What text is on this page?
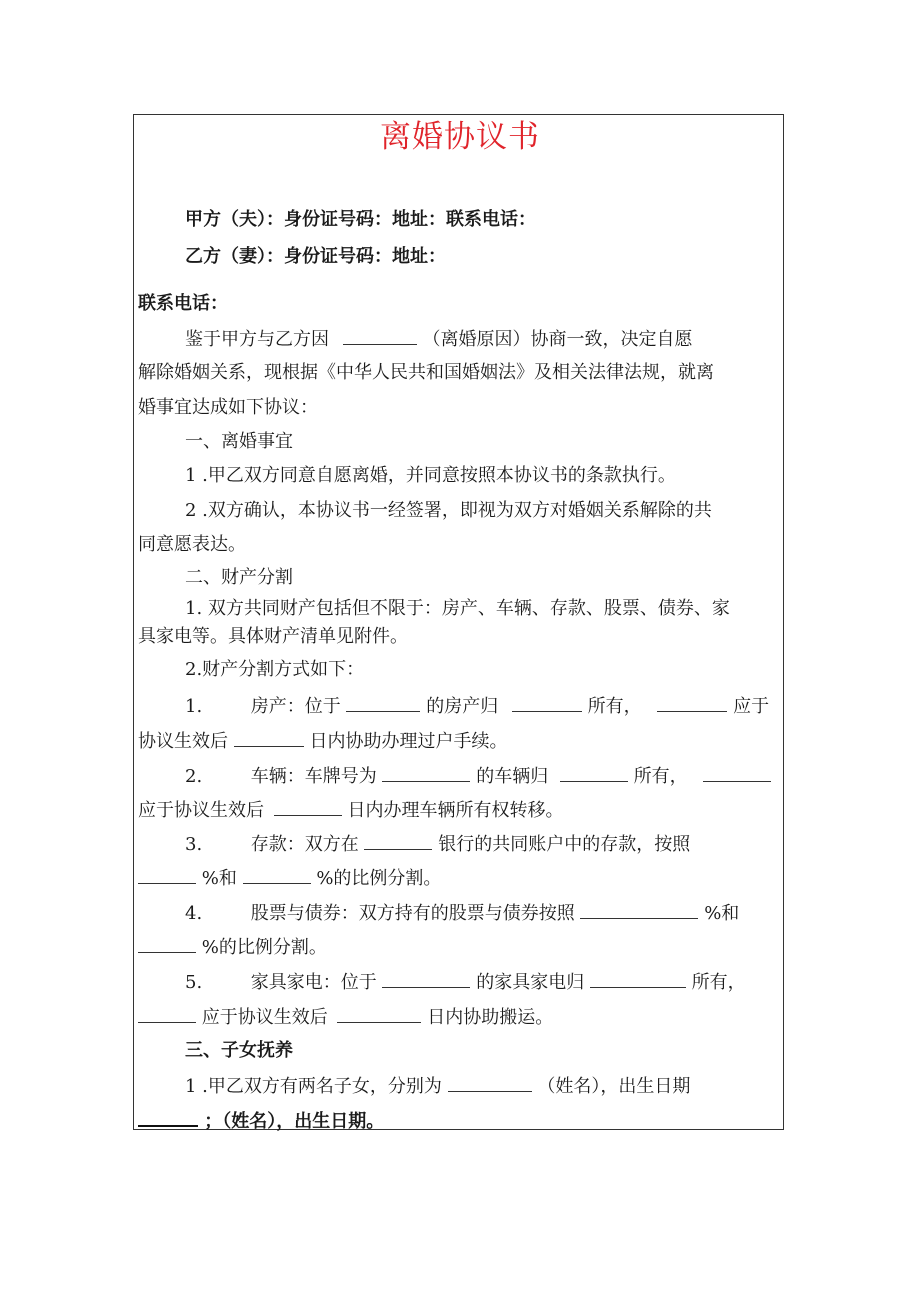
离婚协议书
甲方（夫）：身份证号码：地址：联系电话：
乙方（妻）：身份证号码：地址：
联系电话：
鉴于甲方与乙方因	（离婚原因）协商一致，决定自愿
解除婚姻关系，现根据《中华人民共和国婚姻法》及相关法律法规，就离
婚事宜达成如下协议：
一、离婚事宜
1 .甲乙双方同意自愿离婚，并同意按照本协议书的条款执行。
2 .双方确认，本协议书一经签署，即视为双方对婚姻关系解除的共
同意愿表达。
二、财产分割
1. 双方共同财产包括但不限于：房产、车辆、存款、股票、债券、家
具家电等。具体财产清单见附件。
2.财产分割方式如下：
1.	房产：位于	的房产归	所有，	应于
协议生效后	日内协助办理过户手续。
2.	车辆：车牌号为	的车辆归	所有，
应于协议生效后	日内办理车辆所有权转移。
3.	存款：双方在	银行的共同账户中的存款，按照
%和	%的比例分割。
4.	股票与债券：双方持有的股票与债券按照	%和
%的比例分割。
5.	家具家电：位于	的家具家电归	所有，
应于协议生效后	日内协助搬运。
三、子女抚养
1 .甲乙双方有两名子女，分别为	（姓名），出生日期
；（姓名），出生日期。
